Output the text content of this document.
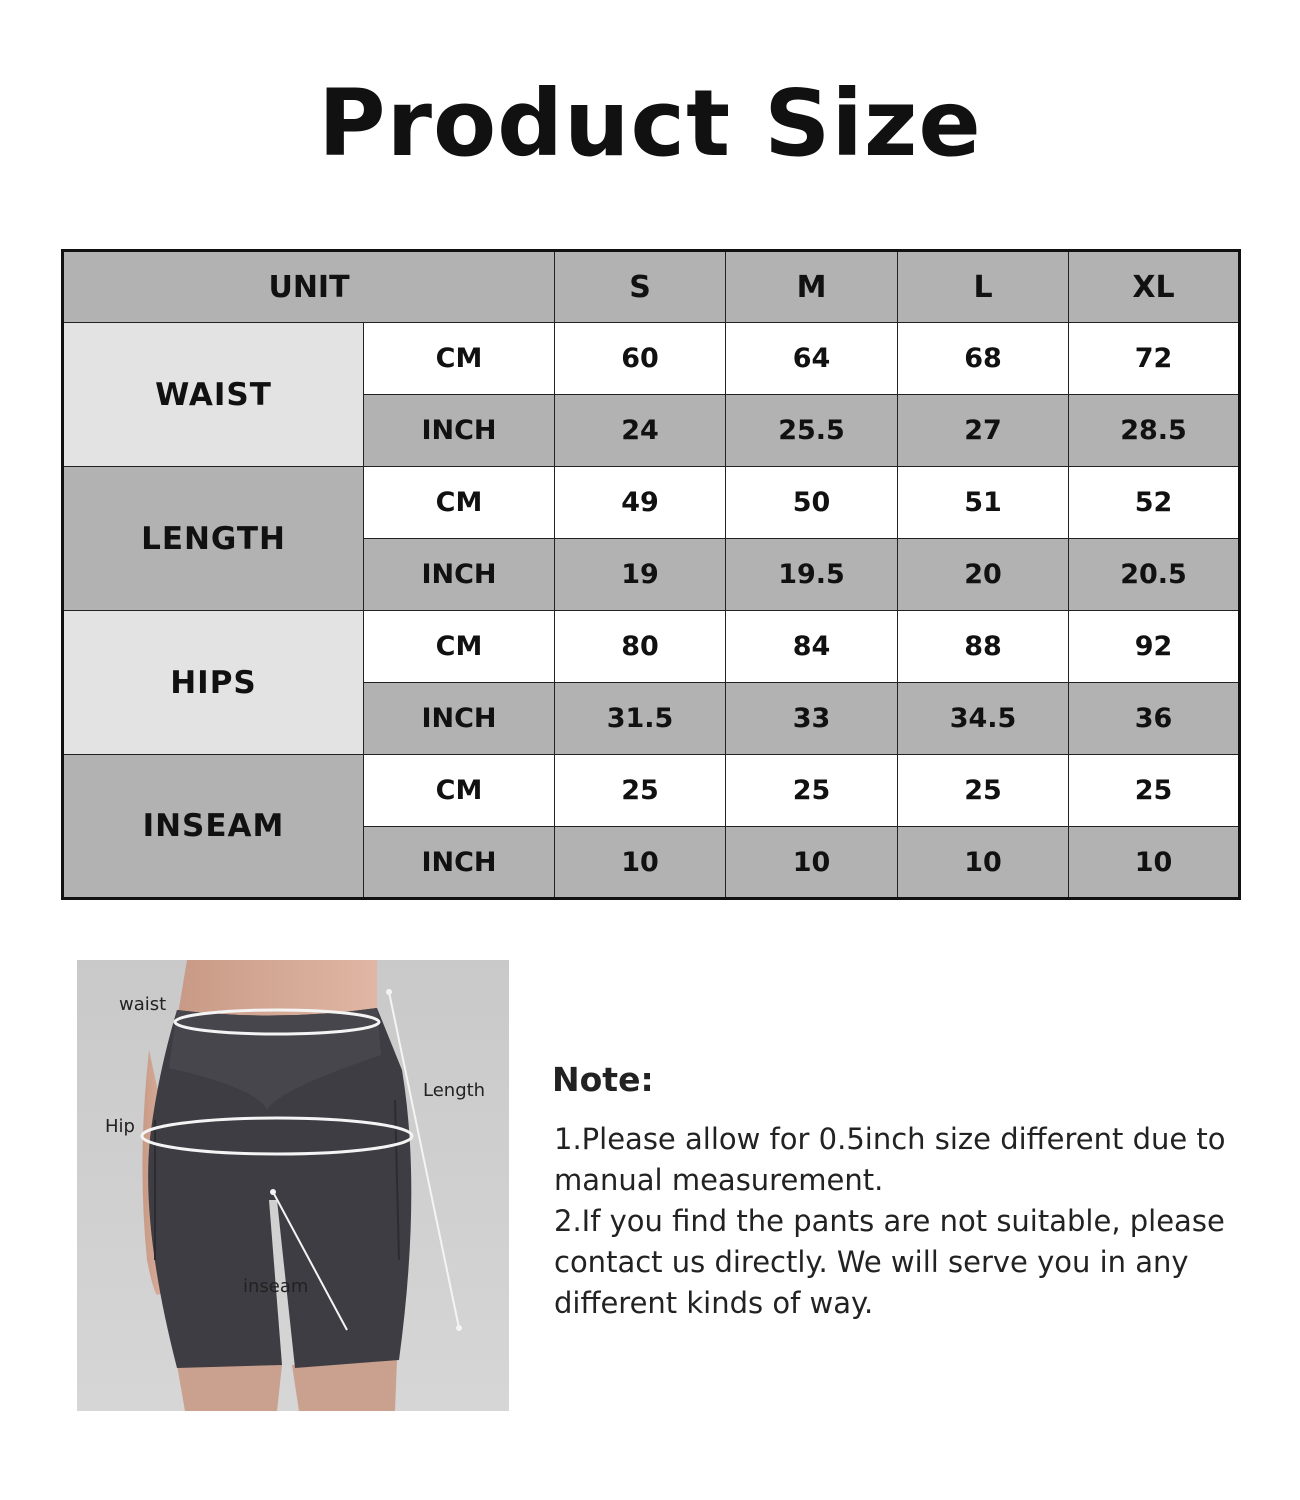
Product Size
UNIT		S	M	L	XL
WAIST	CM	60	64	68	72
	INCH	24	25.5	27	28.5
LENGTH	CM	49	50	51	52
	INCH	19	19.5	20	20.5
HIPS	CM	80	84	88	92
	INCH	31.5	33	34.5	36
INSEAM	CM	25	25	25	25
	INCH	10	10	10	10
waist
Hip
Length
inseam
Note:
1.Please allow for 0.5inch size different due to
manual measurement.
2.If you find the pants are not suitable, please
contact us directly. We will serve you in any
different kinds of way.
